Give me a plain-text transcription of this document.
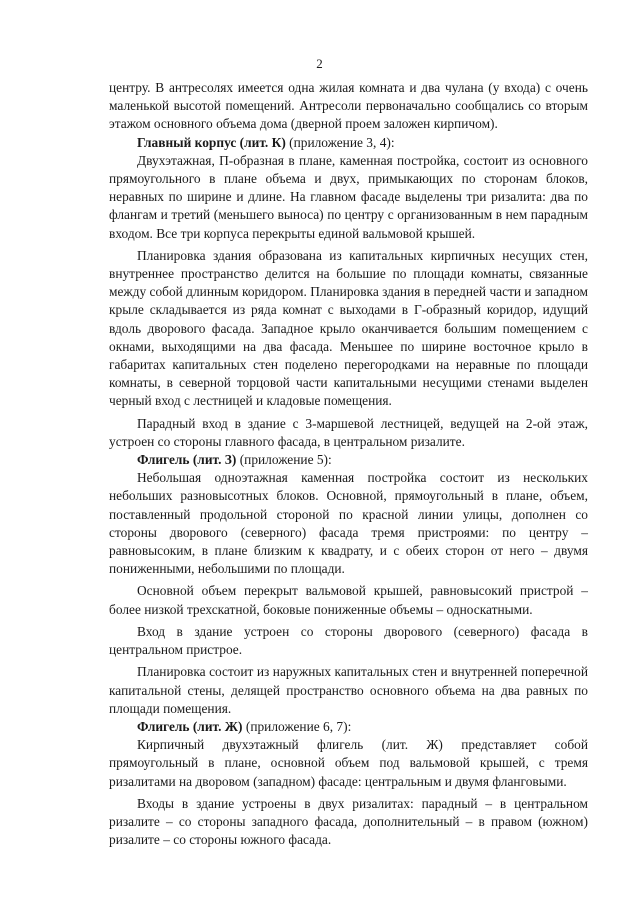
2

центру. В антресолях имеется одна жилая комната и два чулана (у входа) с очень маленькой высотой помещений. Антресоли первоначально сообщались со вторым этажом основного объема дома (дверной проем заложен кирпичом).

Главный корпус (лит. К) (приложение 3, 4):

Двухэтажная, П-образная в плане, каменная постройка, состоит из основного прямоугольного в плане объема и двух, примыкающих по сторонам блоков, неравных по ширине и длине. На главном фасаде выделены три ризалита: два по флангам и третий (меньшего выноса) по центру с организованным в нем парадным входом. Все три корпуса перекрыты единой вальмовой крышей.

Планировка здания образована из капитальных кирпичных несущих стен, внутреннее пространство делится на большие по площади комнаты, связанные между собой длинным коридором. Планировка здания в передней части и западном крыле складывается из ряда комнат с выходами в Г-образный коридор, идущий вдоль дворового фасада. Западное крыло оканчивается большим помещением с окнами, выходящими на два фасада. Меньшее по ширине восточное крыло в габаритах капитальных стен поделено перегородками на неравные по площади комнаты, в северной торцовой части капитальными несущими стенами выделен черный вход с лестницей и кладовые помещения.

Парадный вход в здание с 3-маршевой лестницей, ведущей на 2-ой этаж, устроен со стороны главного фасада, в центральном ризалите.

Флигель (лит. З) (приложение 5):

Небольшая одноэтажная каменная постройка состоит из нескольких небольших разновысотных блоков. Основной, прямоугольный в плане, объем, поставленный продольной стороной по красной линии улицы, дополнен со стороны дворового (северного) фасада тремя пристроями: по центру – равновысоким, в плане близким к квадрату, и с обеих сторон от него – двумя пониженными, небольшими по площади.

Основной объем перекрыт вальмовой крышей, равновысокий пристрой – более низкой трехскатной, боковые пониженные объемы – односкатными.

Вход в здание устроен со стороны дворового (северного) фасада в центральном пристрое.

Планировка состоит из наружных капитальных стен и внутренней поперечной капитальной стены, делящей пространство основного объема на два равных по площади помещения.

Флигель (лит. Ж) (приложение 6, 7):

Кирпичный двухэтажный флигель (лит. Ж) представляет собой прямоугольный в плане, основной объем под вальмовой крышей, с тремя ризалитами на дворовом (западном) фасаде: центральным и двумя фланговыми.

Входы в здание устроены в двух ризалитах: парадный – в центральном ризалите – со стороны западного фасада, дополнительный – в правом (южном) ризалите – со стороны южного фасада.
